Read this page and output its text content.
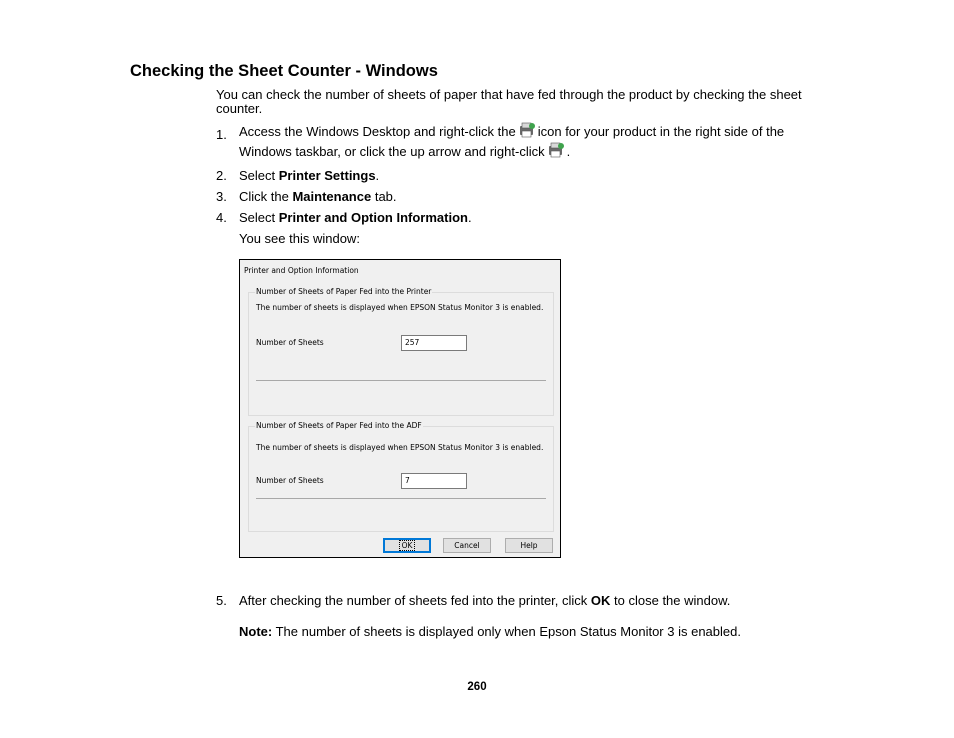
Checking the Sheet Counter - Windows

You can check the number of sheets of paper that have fed through the product by checking the sheet counter.

1. Access the Windows Desktop and right-click the icon for your product in the right side of the
Windows taskbar, or click the up arrow and right-click .
2. Select Printer Settings.
3. Click the Maintenance tab.
4. Select Printer and Option Information.
You see this window:
Printer and Option Information
Number of Sheets of Paper Fed into the Printer
The number of sheets is displayed when EPSON Status Monitor 3 is enabled.
Number of Sheets	257
Number of Sheets of Paper Fed into the ADF
The number of sheets is displayed when EPSON Status Monitor 3 is enabled.
Number of Sheets	7
OK	Cancel	Help
5. After checking the number of sheets fed into the printer, click OK to close the window.
Note: The number of sheets is displayed only when Epson Status Monitor 3 is enabled.
260
